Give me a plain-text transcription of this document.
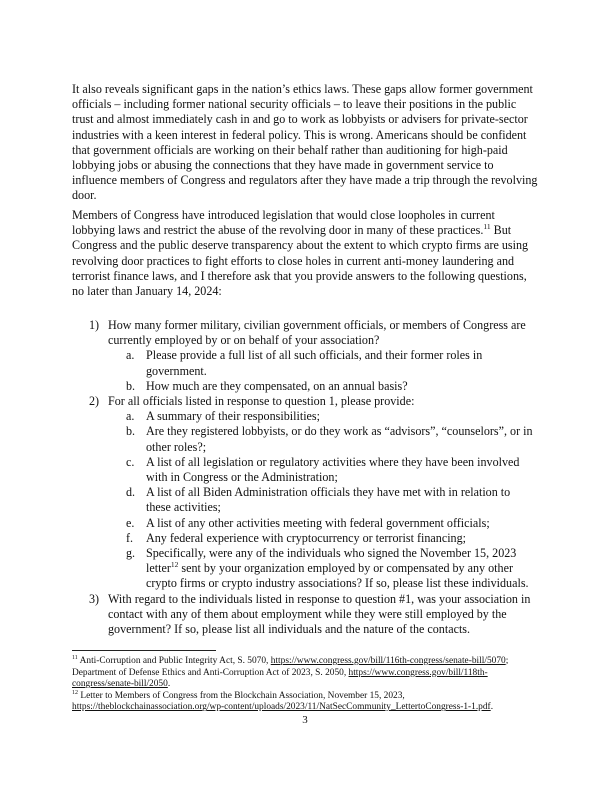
It also reveals significant gaps in the nation’s ethics laws. These gaps allow former government officials – including former national security officials – to leave their positions in the public trust and almost immediately cash in and go to work as lobbyists or advisers for private-sector industries with a keen interest in federal policy. This is wrong. Americans should be confident that government officials are working on their behalf rather than auditioning for high-paid lobbying jobs or abusing the connections that they have made in government service to influence members of Congress and regulators after they have made a trip through the revolving door.

Members of Congress have introduced legislation that would close loopholes in current lobbying laws and restrict the abuse of the revolving door in many of these practices.$^{11}$ But Congress and the public deserve transparency about the extent to which crypto firms are using revolving door practices to fight efforts to close holes in current anti-money laundering and terrorist finance laws, and I therefore ask that you provide answers to the following questions, no later than January 14, 2024:

1) How many former military, civilian government officials, or members of Congress are currently employed by or on behalf of your association?
a. Please provide a full list of all such officials, and their former roles in government.
b. How much are they compensated, on an annual basis?
2) For all officials listed in response to question 1, please provide:
a. A summary of their responsibilities;
b. Are they registered lobbyists, or do they work as “advisors”, “counselors”, or in other roles?;
c. A list of all legislation or regulatory activities where they have been involved with in Congress or the Administration;
d. A list of all Biden Administration officials they have met with in relation to these activities;
e. A list of any other activities meeting with federal government officials;
f. Any federal experience with cryptocurrency or terrorist financing;
g. Specifically, were any of the individuals who signed the November 15, 2023 letter$^{12}$ sent by your organization employed by or compensated by any other crypto firms or crypto industry associations? If so, please list these individuals.
3) With regard to the individuals listed in response to question #1, was your association in contact with any of them about employment while they were still employed by the government? If so, please list all individuals and the nature of the contacts.
$^{11}$ Anti-Corruption and Public Integrity Act, S. 5070, https://www.congress.gov/bill/116th-congress/senate-bill/5070; Department of Defense Ethics and Anti-Corruption Act of 2023, S. 2050, https://www.congress.gov/bill/118th-congress/senate-bill/2050.
$^{12}$ Letter to Members of Congress from the Blockchain Association, November 15, 2023, https://theblockchainassociation.org/wp-content/uploads/2023/11/NatSecCommunity_LettertoCongress-1-1.pdf.
3
